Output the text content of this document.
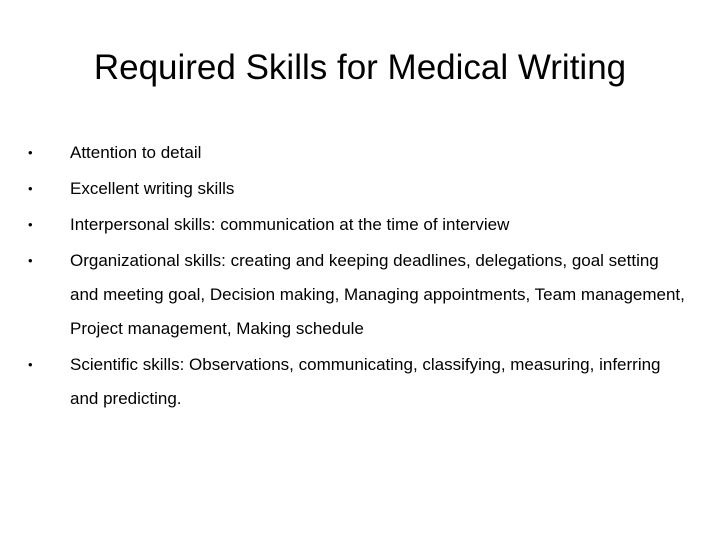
Required Skills for Medical Writing
•	Attention to detail
•	Excellent writing skills
•	Interpersonal skills: communication at the time of interview
•	Organizational skills: creating and keeping deadlines, delegations, goal setting and meeting goal, Decision making, Managing appointments, Team management, Project management, Making schedule
•	Scientific skills: Observations, communicating, classifying, measuring, inferring and predicting.
